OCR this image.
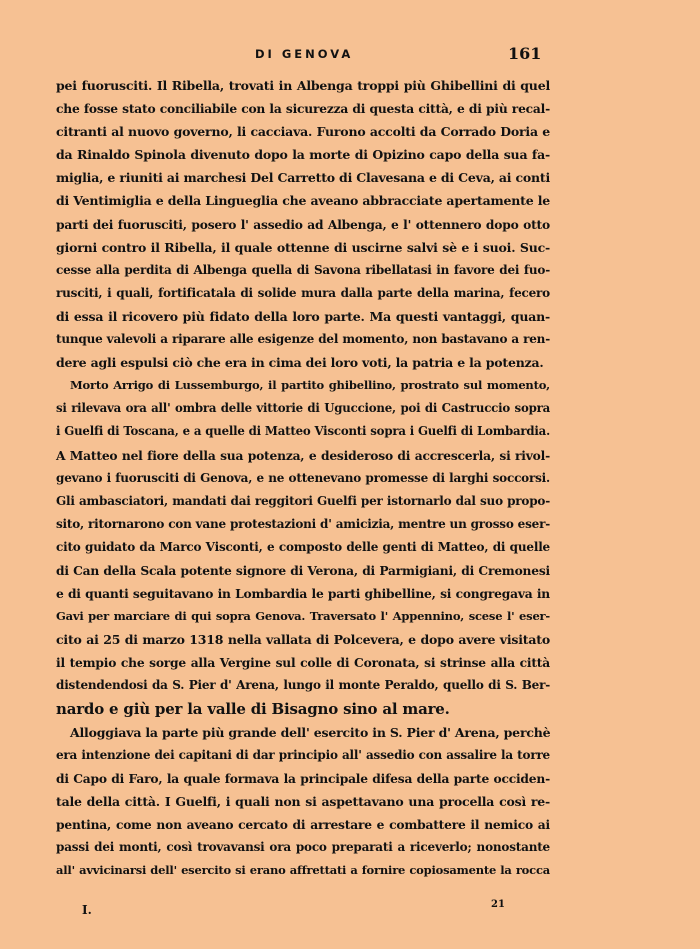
DI GENOVA	161
pei fuorusciti. Il Ribella, trovati in Albenga troppi più Ghibellini di quel
che fosse stato conciliabile con la sicurezza di questa città, e di più recal-
citranti al nuovo governo, li cacciava. Furono accolti da Corrado Doria e
da Rinaldo Spinola divenuto dopo la morte di Opizino capo della sua fa-
miglia, e riuniti ai marchesi Del Carretto di Clavesana e di Ceva, ai conti
di Ventimiglia e della Lingueglia che aveano abbracciate apertamente le
parti dei fuorusciti, posero l' assedio ad Albenga, e l' ottennero dopo otto
giorni contro il Ribella, il quale ottenne di uscirne salvi sè e i suoi. Suc-
cesse alla perdita di Albenga quella di Savona ribellatasi in favore dei fuo-
rusciti, i quali, fortificatala di solide mura dalla parte della marina, fecero
di essa il ricovero più fidato della loro parte. Ma questi vantaggi, quan-
tunque valevoli a riparare alle esigenze del momento, non bastavano a ren-
dere agli espulsi ciò che era in cima dei loro voti, la patria e la potenza.
Morto Arrigo di Lussemburgo, il partito ghibellino, prostrato sul momento,
si rilevava ora all' ombra delle vittorie di Uguccione, poi di Castruccio sopra
i Guelfi di Toscana, e a quelle di Matteo Visconti sopra i Guelfi di Lombardia.
A Matteo nel fiore della sua potenza, e desideroso di accrescerla, si rivol-
gevano i fuorusciti di Genova, e ne ottenevano promesse di larghi soccorsi.
Gli ambasciatori, mandati dai reggitori Guelfi per istornarlo dal suo propo-
sito, ritornarono con vane protestazioni d' amicizia, mentre un grosso eser-
cito guidato da Marco Visconti, e composto delle genti di Matteo, di quelle
di Can della Scala potente signore di Verona, di Parmigiani, di Cremonesi
e di quanti seguitavano in Lombardia le parti ghibelline, si congregava in
Gavi per marciare di qui sopra Genova. Traversato l' Appennino, scese l' eser-
cito ai 25 di marzo 1318 nella vallata di Polcevera, e dopo avere visitato
il tempio che sorge alla Vergine sul colle di Coronata, si strinse alla città
distendendosi da S. Pier d' Arena, lungo il monte Peraldo, quello di S. Ber-
nardo e giù per la valle di Bisagno sino al mare.
Alloggiava la parte più grande dell' esercito in S. Pier d' Arena, perchè
era intenzione dei capitani di dar principio all' assedio con assalire la torre
di Capo di Faro, la quale formava la principale difesa della parte occiden-
tale della città. I Guelfi, i quali non si aspettavano una procella così re-
pentina, come non aveano cercato di arrestare e combattere il nemico ai
passi dei monti, così trovavansi ora poco preparati a riceverlo; nonostante
all' avvicinarsi dell' esercito si erano affrettati a fornire copiosamente la rocca
I.	21
